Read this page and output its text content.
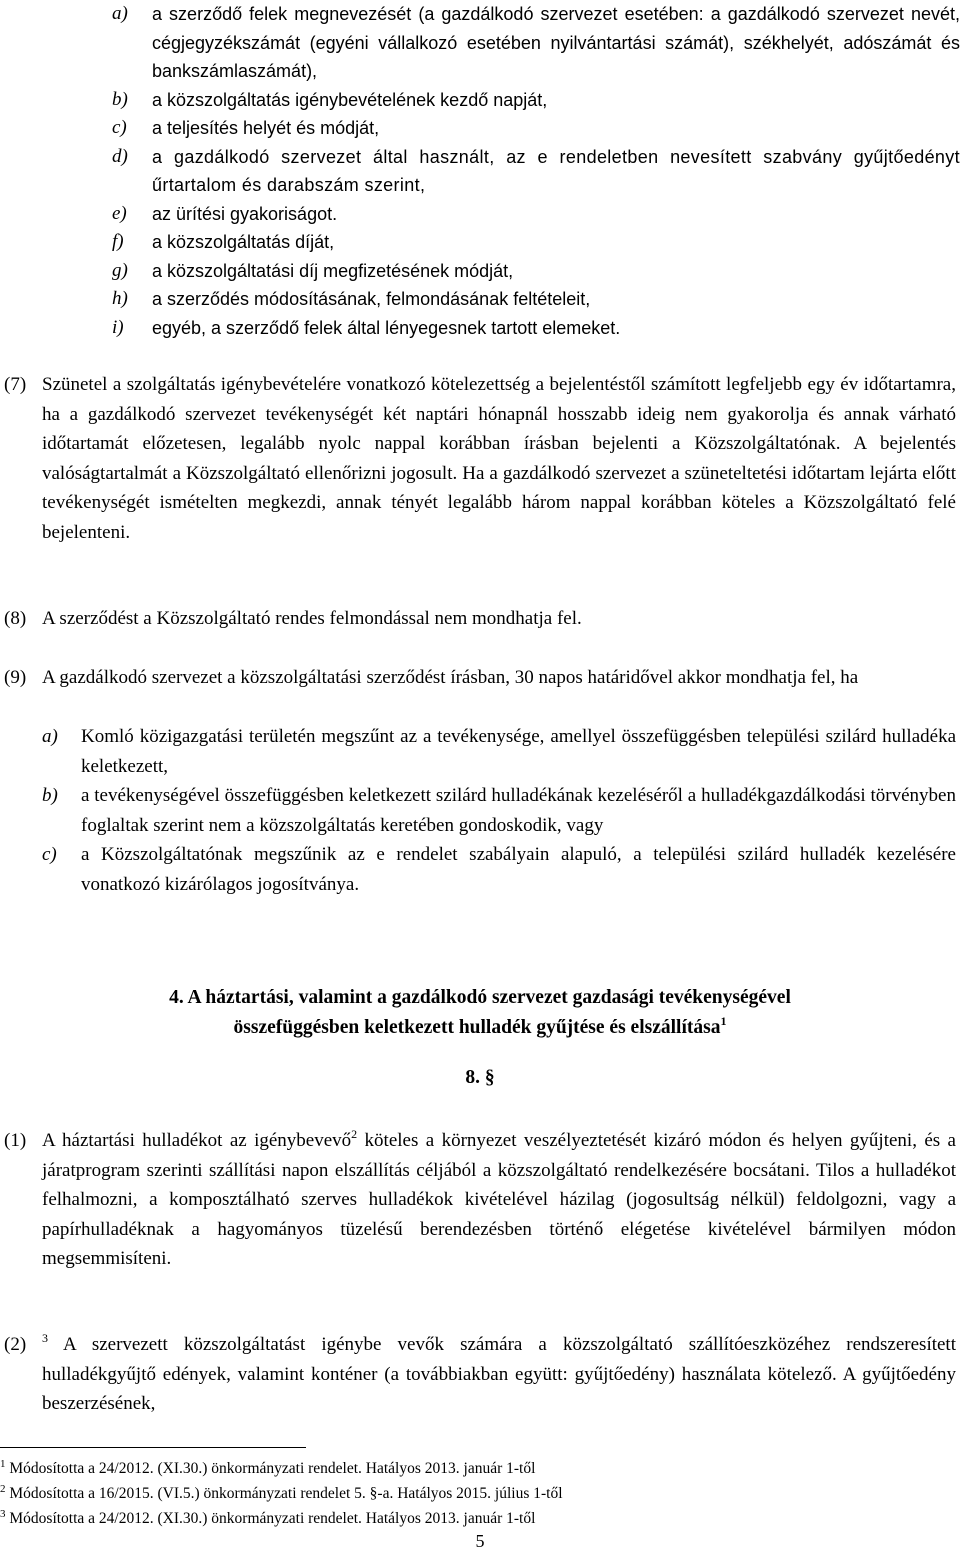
a)	a szerződő felek megnevezését (a gazdálkodó szervezet esetében: a gazdálkodó szervezet nevét, cégjegyzékszámát (egyéni vállalkozó esetében nyilvántartási számát), székhelyét, adószámát és bankszámlaszámát),
b)	a közszolgáltatás igénybevételének kezdő napját,
c)	a teljesítés helyét és módját,
d)	a gazdálkodó szervezet által használt, az e rendeletben nevesített szabvány gyűjtőedényt űrtartalom és darabszám szerint,
e)	az ürítési gyakoriságot.
f)	a közszolgáltatás díját,
g)	a közszolgáltatási díj megfizetésének módját,
h)	a szerződés módosításának, felmondásának feltételeit,
i)	egyéb, a szerződő felek által lényegesnek tartott elemeket.
(7) Szünetel a szolgáltatás igénybevételére vonatkozó kötelezettség a bejelentéstől számított legfeljebb egy év időtartamra, ha a gazdálkodó szervezet tevékenységét két naptári hónapnál hosszabb ideig nem gyakorolja és annak várható időtartamát előzetesen, legalább nyolc nappal korábban írásban bejelenti a Közszolgáltatónak. A bejelentés valóságtartalmát a Közszolgáltató ellenőrizni jogosult. Ha a gazdálkodó szervezet a szüneteltetési időtartam lejárta előtt tevékenységét ismételten megkezdi, annak tényét legalább három nappal korábban köteles a Közszolgáltató felé bejelenteni.
(8) A szerződést a Közszolgáltató rendes felmondással nem mondhatja fel.
(9) A gazdálkodó szervezet a közszolgáltatási szerződést írásban, 30 napos határidővel akkor mondhatja fel, ha
a)	Komló közigazgatási területén megszűnt az a tevékenysége, amellyel összefüggésben települési szilárd hulladéka keletkezett,
b)	a tevékenységével összefüggésben keletkezett szilárd hulladékának kezeléséről a hulladékgazdálkodási törvényben foglaltak szerint nem a közszolgáltatás keretében gondoskodik, vagy
c)	a Közszolgáltatónak megszűnik az e rendelet szabályain alapuló, a települési szilárd hulladék kezelésére vonatkozó kizárólagos jogosítványa.
4. A háztartási, valamint a gazdálkodó szervezet gazdasági tevékenységével
összefüggésben keletkezett hulladék gyűjtése és elszállítása$^1$
8. §
(1) A háztartási hulladékot az igénybevevő$^2$ köteles a környezet veszélyeztetését kizáró módon és helyen gyűjteni, és a járatprogram szerinti szállítási napon elszállítás céljából a közszolgáltató rendelkezésére bocsátani. Tilos a hulladékot felhalmozni, a komposztálható szerves hulladékok kivételével házilag (jogosultság nélkül) feldolgozni, vagy a papírhulladéknak a hagyományos tüzelésű berendezésben történő elégetése kivételével bármilyen módon megsemmisíteni.
(2)	$^3$ A szervezett közszolgáltatást igénybe vevők számára a közszolgáltató szállítóeszközéhez rendszeresített hulladékgyűjtő edények, valamint konténer (a továbbiakban együtt: gyűjtőedény) használata kötelező. A gyűjtőedény beszerzésének,
$^1$ Módosította a 24/2012. (XI.30.) önkormányzati rendelet. Hatályos 2013. január 1-től
$^2$ Módosította a 16/2015. (VI.5.) önkormányzati rendelet 5. §-a. Hatályos 2015. július 1-től
$^3$ Módosította a 24/2012. (XI.30.) önkormányzati rendelet. Hatályos 2013. január 1-től
5
